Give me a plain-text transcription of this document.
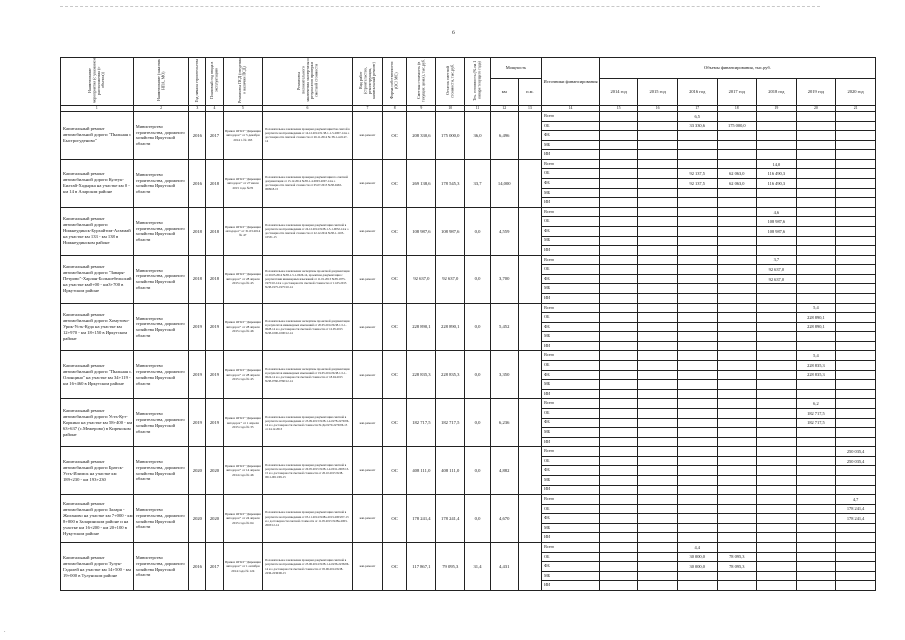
6
Наименование мероприятия (с указанием расположения (с объекта))	Наименование (заказчик НПА, МО)	Год начала строительства	Плановый год ввода в эксплуатацию	Реквизиты ПСД (сведения о наличии ПСД)	Реквизиты положительного заключения экспертизы и результатов проверки сметной стоимости	Вид работ (строительство, реконструкция, капитальный ремонт)	Форма собственности (ОС/ МС)	Сметная стоимость (в текущих ценах), тыс.руб.	Остаток сметной стоимости, тыс.руб.	Тех. готовность (% на 1 января текущего года)	Мощность		Источники финансирования	Объемы финансирования, тыс.руб.						
											км	п.м.		2014 год	2015 год	2016 год	2017 год	2018 год	2019 год	2020 год
1	2	3	4	5	6	7	8	9	10	11	12	13	14	15	16	17	18	19	20	21
Капитальный ремонт автомобильной дороги "Пыльная с Быстрогуденово"	Министерство строительства, дорожного хозяйства Иркутской области	2016	2017	Приказ ОГКУ "Дирекция автодорог" от 5 декабря 2014 г. № 163	Положительное заключение проверки документации 0ов сметой в результате воспроизведения от 14.12.2014 № 38-1-1-5-2007-14 и о достоверности сметной стоимости от 26.11.2014 № 38-1-4-0147-14	кап.ремонт	ОС	208 330,6	175 000,0	36,0	6,496		Всего			6,5				
													ОБ			33 330,6	175 000,0			
													ФБ							
													МБ							
													ИИ							
Капитальный ремонт автомобильной дороги Култук-Билтай-Хадырка на участке км 0 - км 14 в Аларском районе	Министерство строительства, дорожного хозяйства Иркутской области	2016	2018	Приказ ОГКУ "Дирекция автодорог" от 27 июля 2015 года №76	Положительное заключение проверки документации по сметной документации от 15.12.2014 №38-1-4-0003-2007-14 и о достоверности сметной стоимости от 05.07.2015 №38-0463-000918-15	кап.ремонт	ОС	269 138,6	178 545,3	33,7	14,000		Всего					14,0		
													ОБ			92 137,5	62 063,0	116 490,3		
													ФБ			92 137,5	62 063,0	116 490,3		
													МБ							
													ИИ							
Капитальный ремонт автомобильной дороги Нижнеудинск-Бурхайтом-Алзамай на участке км 133 - км 138 в Нижнеудинском районе	Министерство строительства, дорожного хозяйства Иркутской области	2018	2018	Приказ ОГКУ "Дирекция автодорог" от 31.03.2014 № 47	Положительное заключение проверки документации сметной в результате воспроизведения от 24.12.2014 №38-1-5-1-0032-14 и о достоверности сметной стоимости от 22.12.2014 №38-1-1103-10531-15	кап.ремонт	ОС	108 987,6	108 987,6	0,0	4,559		Всего					4,6		
													ОБ					108 987,6		
													ФБ					108 987,6		
													МБ							
													ИИ							
Капитальный ремонт автомобильной дороги "Заваря-Петрово"-Харлан-Большебельский на участке км0+00 - км3+700 в Иркутском районе	Министерство строительства, дорожного хозяйства Иркутской области	2018	2018	Приказ ОГКУ "Дирекция автодорог" от 28 апреля 2015 года № 45	Положительное заключение экспертизы проектной документации от 20.05.2014 №38-1-5-1-0026-14, проектная документация с результатами инженерных изысканий от 11.01.2013 №38-1975-1975/10-14 и о достоверности сметной стоимости от 11.05.2015 №38-1975-1975/10-14	кап.ремонт	ОС	92 637,0	92 637,0	0,0	3,700		Всего					3,7		
													ОБ					92 637,0		
													ФБ					92 637,0		
													МБ							
													ИИ							
Капитальный ремонт автомобильной дороги Хомутово-Урик-Усть-Куда на участке км 12+970 - км 18+150 в Иркутском районе	Министерство строительства, дорожного хозяйства Иркутской области	2019	2019	Приказ ОГКУ "Дирекция автодорог" от 28 апреля 2015 года № 46	Положительное заключение экспертизы проектной документации и результатов инженерных изысканий от 20.05.2014 №38-1-5-1-0028-14 и о достоверности сметной стоимости от 12.05.2015 №38-1000-1000/12-14	кап.ремонт	ОС	228 890,1	228 890,1	0,0	5,452		Всего						5,4	
													ОБ						228 890,1	
													ФБ						228 890,1	
													МБ							
													ИИ							
Капитальный ремонт автомобильной дороги "Пыльная с. Олонцино" на участке км 34+119 - км 16+460 в Иркутском районе	Министерство строительства, дорожного хозяйства Иркутской области	2019	2019	Приказ ОГКУ "Дирекция автодорог" от 28 апреля 2015 года № 45	Положительное заключение экспертизы проектной документации и результатов инженерных изысканий от 19.05.2014 №38-1-5-1-0024-14 и о достоверности сметной стоимости от 18.04.2015 №38-0760-0760/12-14	кап.ремонт	ОС	228 835,3	228 835,3	0,0	3,350		Всего						5,4	
													ОБ						228 835,3	
													ФБ						228 835,3	
													МБ							
													ИИ							
Капитальный ремонт автомобильной дороги Усть-Кут-Коркино на участке км 58+400 - км 63+637 (с.Межерово) в Киренском районе	Министерство строительства, дорожного хозяйства Иркутской области	2019	2019	Приказ ОГКУ "Дирекция автодорог" от 1 апреля 2015 года № 35	Положительное заключение проверки документации сметной в результате воспроизведения от 23.09.2013 №38-1-4-0278-2279/06-14 и о достоверности сметной стоимости № Дв 0270-2279/06-15 от 24.12.2013	кап.ремонт	ОС	182 717,5	182 717,5	0,0	6,236		Всего						6,2	
													ОБ						182 717,5	
													ФБ						182 717,5	
													МБ							
													ИИ							
Капитальный ремонт автомобильной дороги Братск-Усть-Илимск на участке км 189+230 - км 193+230	Министерство строительства, дорожного хозяйства Иркутской области	2020	2020	Приказ ОГКУ "Дирекция автодорог" от 14 апреля 2014 года № 46	Положительное заключение проверки документации сметной в результате воспроизведения от 20.05.2015 №38-1-4-0011-2003/13-15 и о достоверности сметной стоимости от 20.10.2015 №38-0011-0011/09-15	кап.ремонт	ОС	408 111,0	408 111,0	0,0	4,882		Всего							250 035,4
													ОБ							250 035,4
													ФБ							
													МБ							
													ИИ							
Капитальный ремонт автомобильной дороги Заларя - Жиганово на участке км 7+000 - км 8+000 в Заларинском районе и на участке км 16+200 - км 20+100 в Нукутском районе	Министерство строительства, дорожного хозяйства Иркутской области	2020	2020	Приказ ОГКУ "Дирекция автодорог" от 24 апреля 2015 года № 64	Положительное заключение проверки документации сметной в результате воспроизведения от 05.11.2014 №38а-2013-2003/07-13 и о достоверности сметной стоимости от 11.05.2015 №38а-2003-2003/12-14	кап.ремонт	ОС	178 241,4	178 241,4	0,0	4,670		Всего							4,7
													ОБ							178 241,4
													ФБ							178 241,4
													МБ							
													ИИ							
Капитальный ремонт автомобильной дороги Тулун-Гадалей на участке км 14+500 - км 19+000 в Тулунском районе	Министерство строительства, дорожного хозяйства Иркутской области	2016	2017	Приказ ОГКУ "Дирекция автодорог" от 1 октября 2014 года № 124	Положительное заключение проверки документации сметной в результате воспроизведения от 23.06.2014 №38-1-4-0236-2236/06-14 и о достоверности сметной стоимости от 05.06.2014 №38-2236-2236/06-15	кап.ремонт	ОС	117 867,1	79 095,3	31,4	4,431		Всего			4,4				
													ОБ			30 000,0	78 095,3			
													ФБ			30 000,0	78 095,3			
													МБ							
													ИИ							
.
